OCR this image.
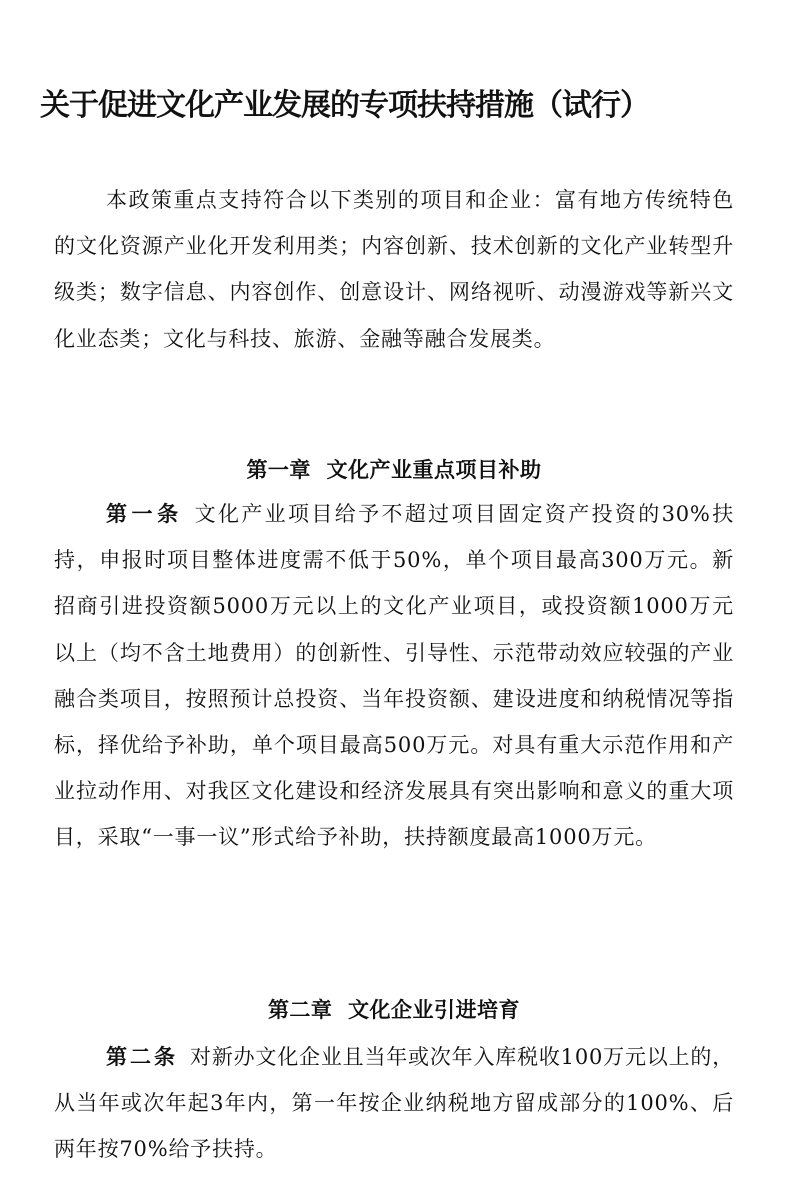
关于促进文化产业发展的专项扶持措施（试行）

本政策重点支持符合以下类别的项目和企业：富有地方传统特色的文化资源产业化开发利用类；内容创新、技术创新的文化产业转型升级类；数字信息、内容创作、创意设计、网络视听、动漫游戏等新兴文化业态类；文化与科技、旅游、金融等融合发展类。

第一章  文化产业重点项目补助

第一条 文化产业项目给予不超过项目固定资产投资的30%扶持，申报时项目整体进度需不低于50%，单个项目最高300万元。新招商引进投资额5000万元以上的文化产业项目，或投资额1000万元以上（均不含土地费用）的创新性、引导性、示范带动效应较强的产业融合类项目，按照预计总投资、当年投资额、建设进度和纳税情况等指标，择优给予补助，单个项目最高500万元。对具有重大示范作用和产业拉动作用、对我区文化建设和经济发展具有突出影响和意义的重大项目，采取“一事一议”形式给予补助，扶持额度最高1000万元。

第二章  文化企业引进培育

第二条 对新办文化企业且当年或次年入库税收100万元以上的，从当年或次年起3年内，第一年按企业纳税地方留成部分的100%、后两年按70%给予扶持。
